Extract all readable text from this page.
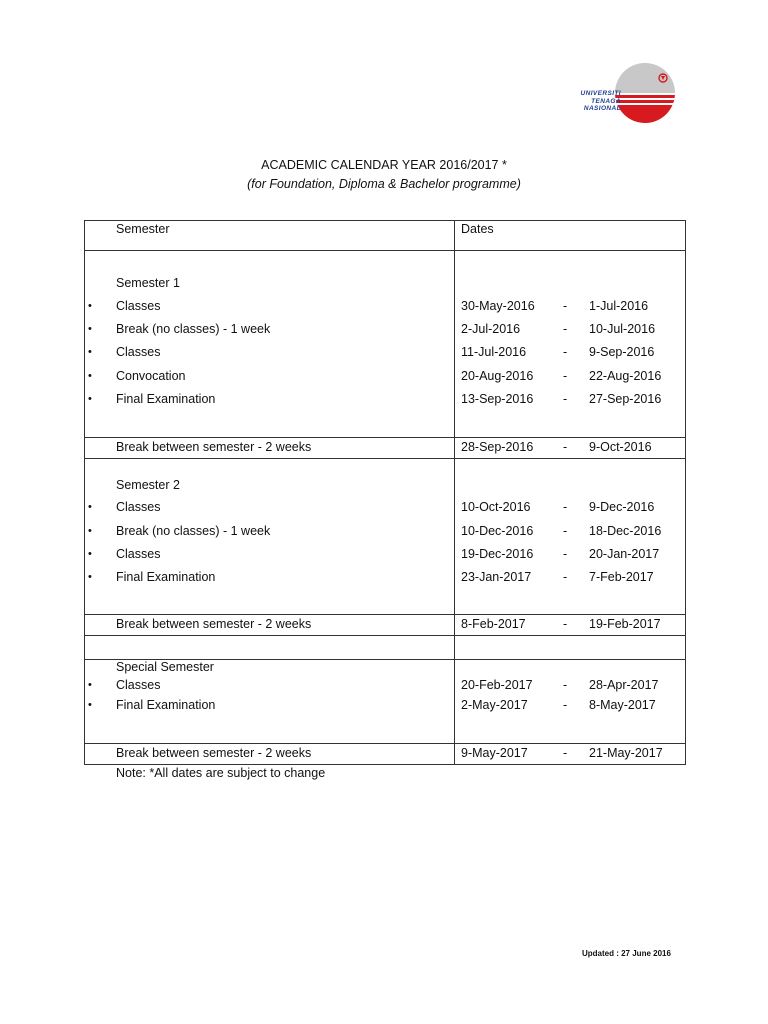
UNIVERSITI
TENAGA
NASIONAL
ACADEMIC CALENDAR YEAR 2016/2017 *
(for Foundation, Diploma & Bachelor programme)
Semester	Dates
Semester 1
• Classes	30-May-2016 - 1-Jul-2016
• Break (no classes) - 1 week	2-Jul-2016	- 10-Jul-2016
• Classes	11-Jul-2016	- 9-Sep-2016
• Convocation	20-Aug-2016 - 22-Aug-2016
• Final Examination	13-Sep-2016 - 27-Sep-2016
Break between semester - 2 weeks	28-Sep-2016 - 9-Oct-2016
Semester 2
• Classes	10-Oct-2016	- 9-Dec-2016
• Break (no classes) - 1 week	10-Dec-2016 - 18-Dec-2016
• Classes	19-Dec-2016 - 20-Jan-2017
• Final Examination	23-Jan-2017	- 7-Feb-2017
Break between semester - 2 weeks	8-Feb-2017	- 19-Feb-2017
Special Semester
• Classes	20-Feb-2017 - 28-Apr-2017
• Final Examination	2-May-2017	- 8-May-2017
Break between semester - 2 weeks	9-May-2017	- 21-May-2017
Note: *All dates are subject to change
Updated : 27 June 2016
